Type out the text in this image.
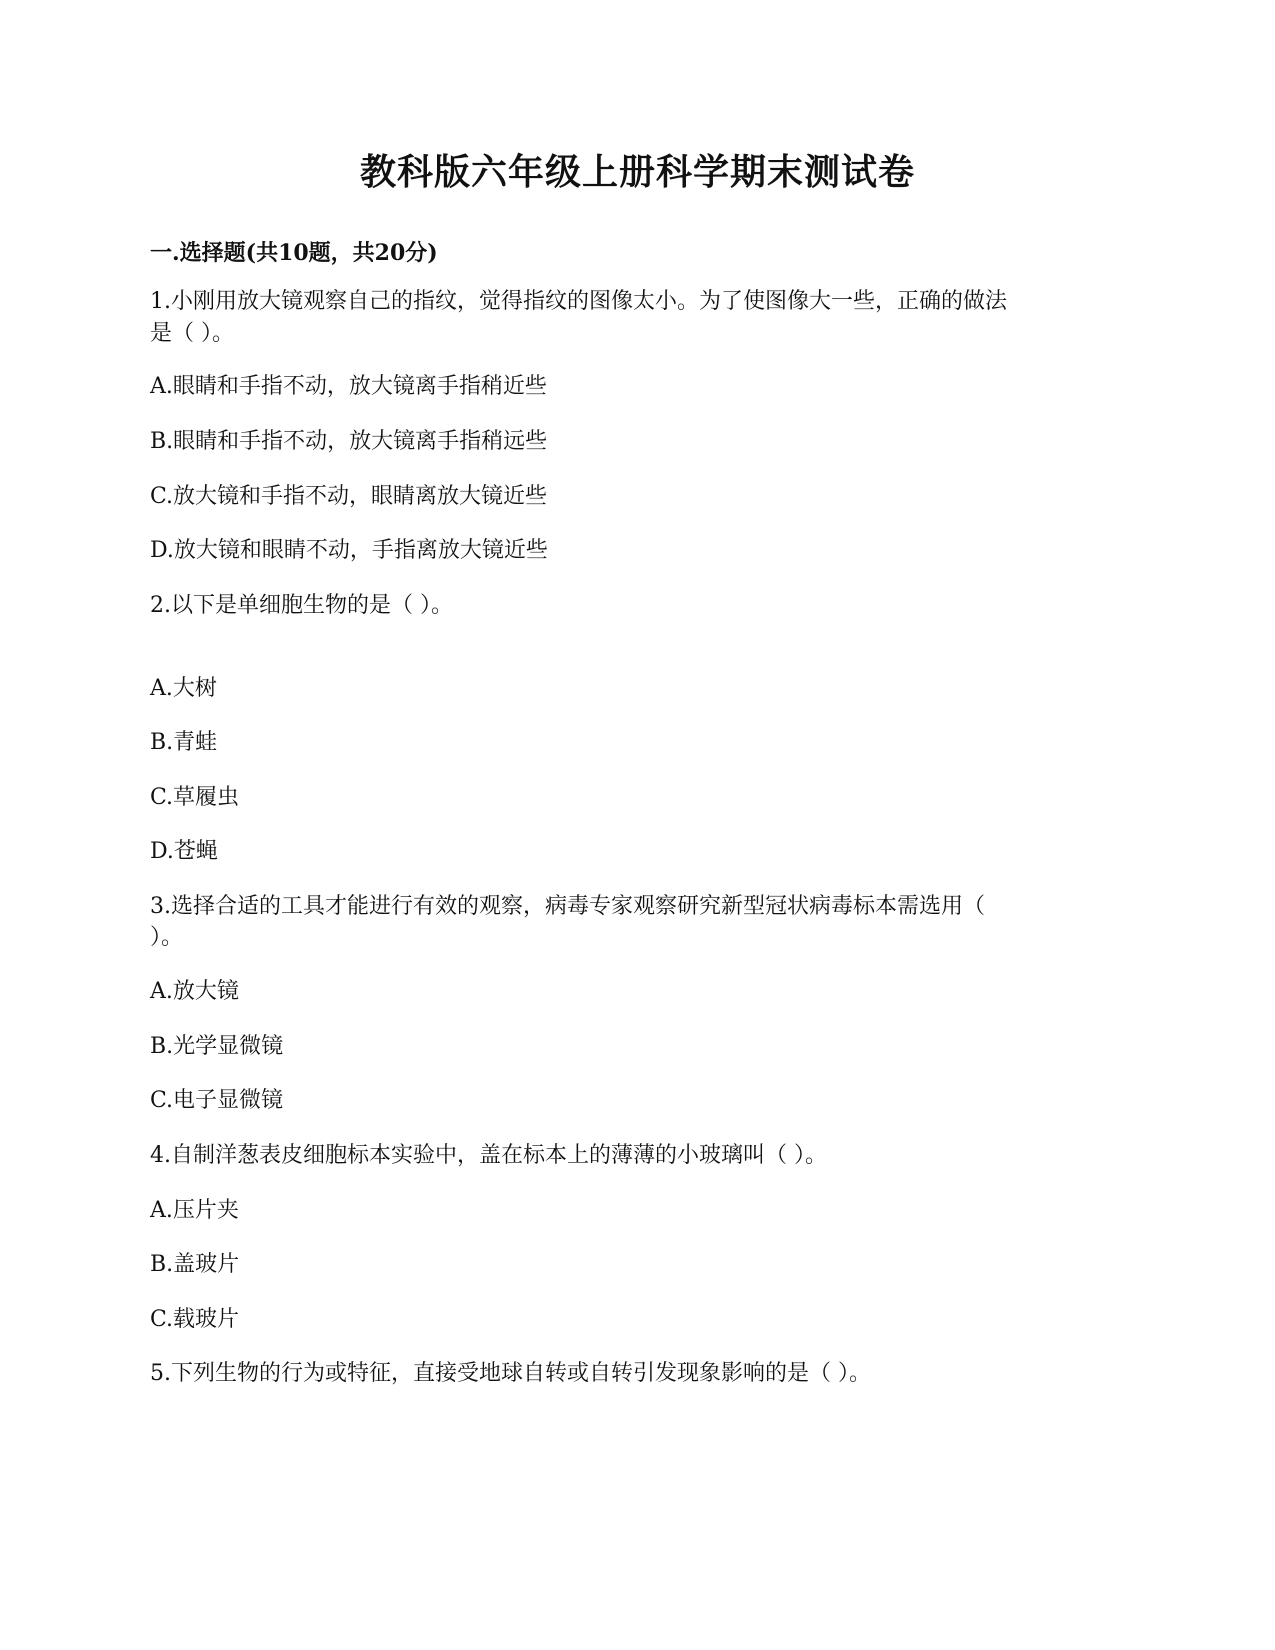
教科版六年级上册科学期末测试卷
一.选择题(共10题，共20分)

1.小刚用放大镜观察自己的指纹，觉得指纹的图像太小。为了使图像大一些，正确的做法

是（ ）。

A.眼睛和手指不动，放大镜离手指稍近些

B.眼睛和手指不动，放大镜离手指稍远些

C.放大镜和手指不动，眼睛离放大镜近些

D.放大镜和眼睛不动，手指离放大镜近些

2.以下是单细胞生物的是（ ）。

A.大树

B.青蛙

C.草履虫

D.苍蝇

3.选择合适的工具才能进行有效的观察，病毒专家观察研究新型冠状病毒标本需选用（

）。

A.放大镜

B.光学显微镜

C.电子显微镜

4.自制洋葱表皮细胞标本实验中，盖在标本上的薄薄的小玻璃叫（ ）。

A.压片夹

B.盖玻片

C.载玻片

5.下列生物的行为或特征，直接受地球自转或自转引发现象影响的是（ ）。
